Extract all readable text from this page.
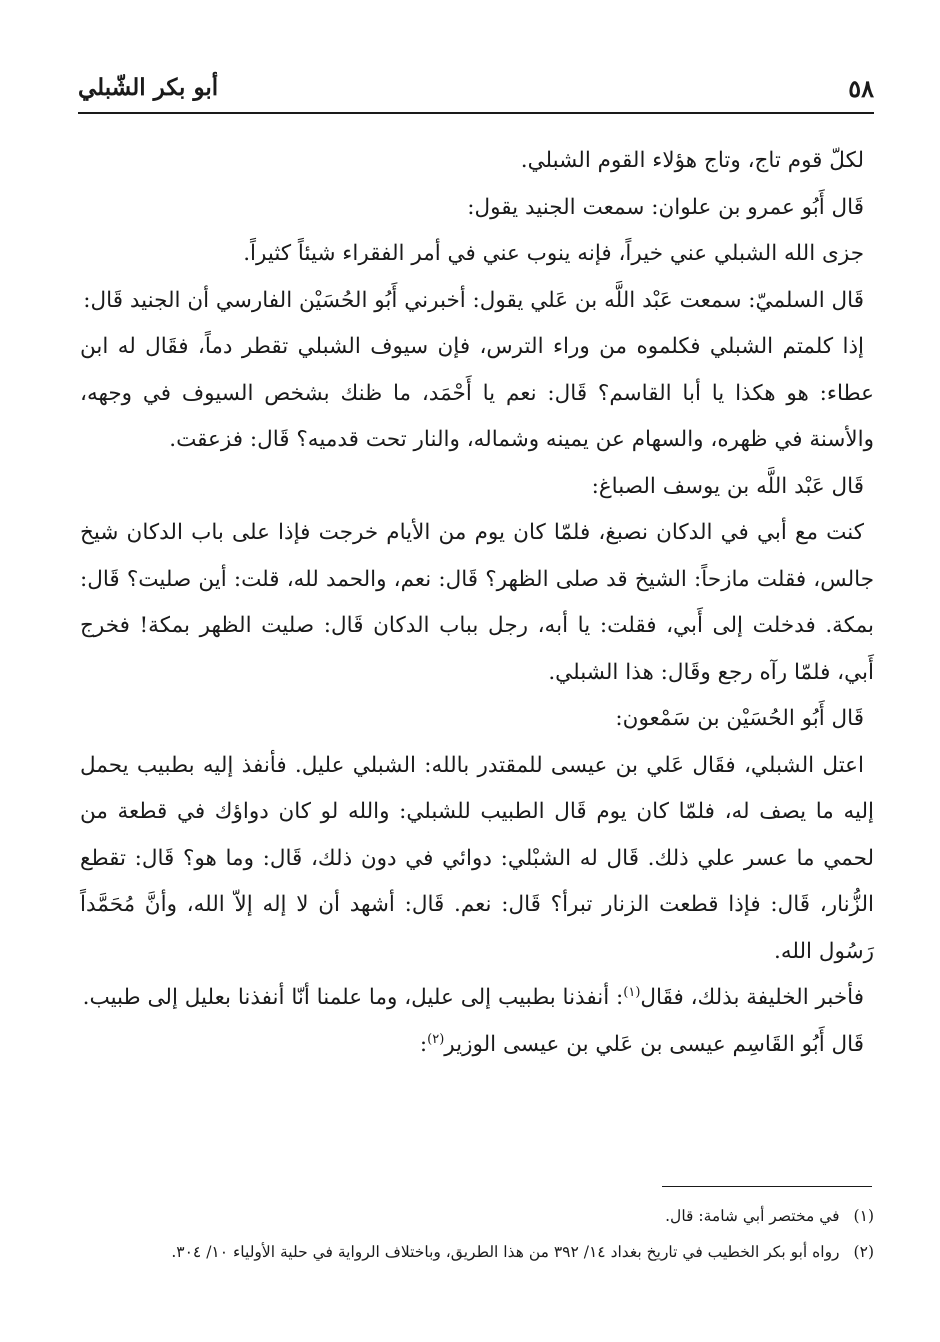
٥٨
أبو بكر الشّبلي

لكلّ قوم تاج، وتاج هؤلاء القوم الشبلي.

قَال أَبُو عمرو بن علوان: سمعت الجنيد يقول:

جزى الله الشبلي عني خيراً، فإنه ينوب عني في أمر الفقراء شيئاً كثيراً.

قَال السلميّ: سمعت عَبْد اللَّه بن عَلي يقول: أخبرني أَبُو الحُسَيْن الفارسي أن الجنيد قَال:

إذا كلمتم الشبلي فكلموه من وراء الترس، فإن سيوف الشبلي تقطر دماً، فقَال له ابن عطاء: هو هكذا يا أبا القاسم؟ قَال: نعم يا أَحْمَد، ما ظنك بشخص السيوف في وجهه، والأسنة في ظهره، والسهام عن يمينه وشماله، والنار تحت قدميه؟ قَال: فزعقت.

قَال عَبْد اللَّه بن يوسف الصباغ:

كنت مع أبي في الدكان نصبغ، فلمّا كان يوم من الأيام خرجت فإذا على باب الدكان شيخ جالس، فقلت مازحاً: الشيخ قد صلى الظهر؟ قَال: نعم، والحمد لله، قلت: أين صليت؟ قَال: بمكة. فدخلت إلى أَبي، فقلت: يا أبه، رجل بباب الدكان قَال: صليت الظهر بمكة! فخرج أَبي، فلمّا رآه رجع وقَال: هذا الشبلي.

قَال أَبُو الحُسَيْن بن سَمْعون:

اعتل الشبلي، فقَال عَلي بن عيسى للمقتدر بالله: الشبلي عليل. فأنفذ إليه بطبيب يحمل إليه ما يصف له، فلمّا كان يوم قَال الطبيب للشبلي: والله لو كان دواؤك في قطعة من لحمي ما عسر علي ذلك. قَال له الشبْلي: دوائي في دون ذلك، قَال: وما هو؟ قَال: تقطع الزُّنار، قَال: فإذا قطعت الزنار تبرأ؟ قَال: نعم. قَال: أشهد أن لا إله إلاّ الله، وأنَّ مُحَمَّداً رَسُول الله.

فأخبر الخليفة بذلك، فقَال$^{(١)}$: أنفذنا بطبيب إلى عليل، وما علمنا أنّا أنفذنا بعليل إلى طبيب.

قَال أَبُو القَاسِم عيسى بن عَلي بن عيسى الوزير$^{(٢)}$:

(١)في مختصر أبي شامة: قال.

(٢)رواه أبو بكر الخطيب في تاريخ بغداد ١٤/ ٣٩٢ من هذا الطريق، وباختلاف الرواية في حلية الأولياء ١٠/ ٣٠٤.
